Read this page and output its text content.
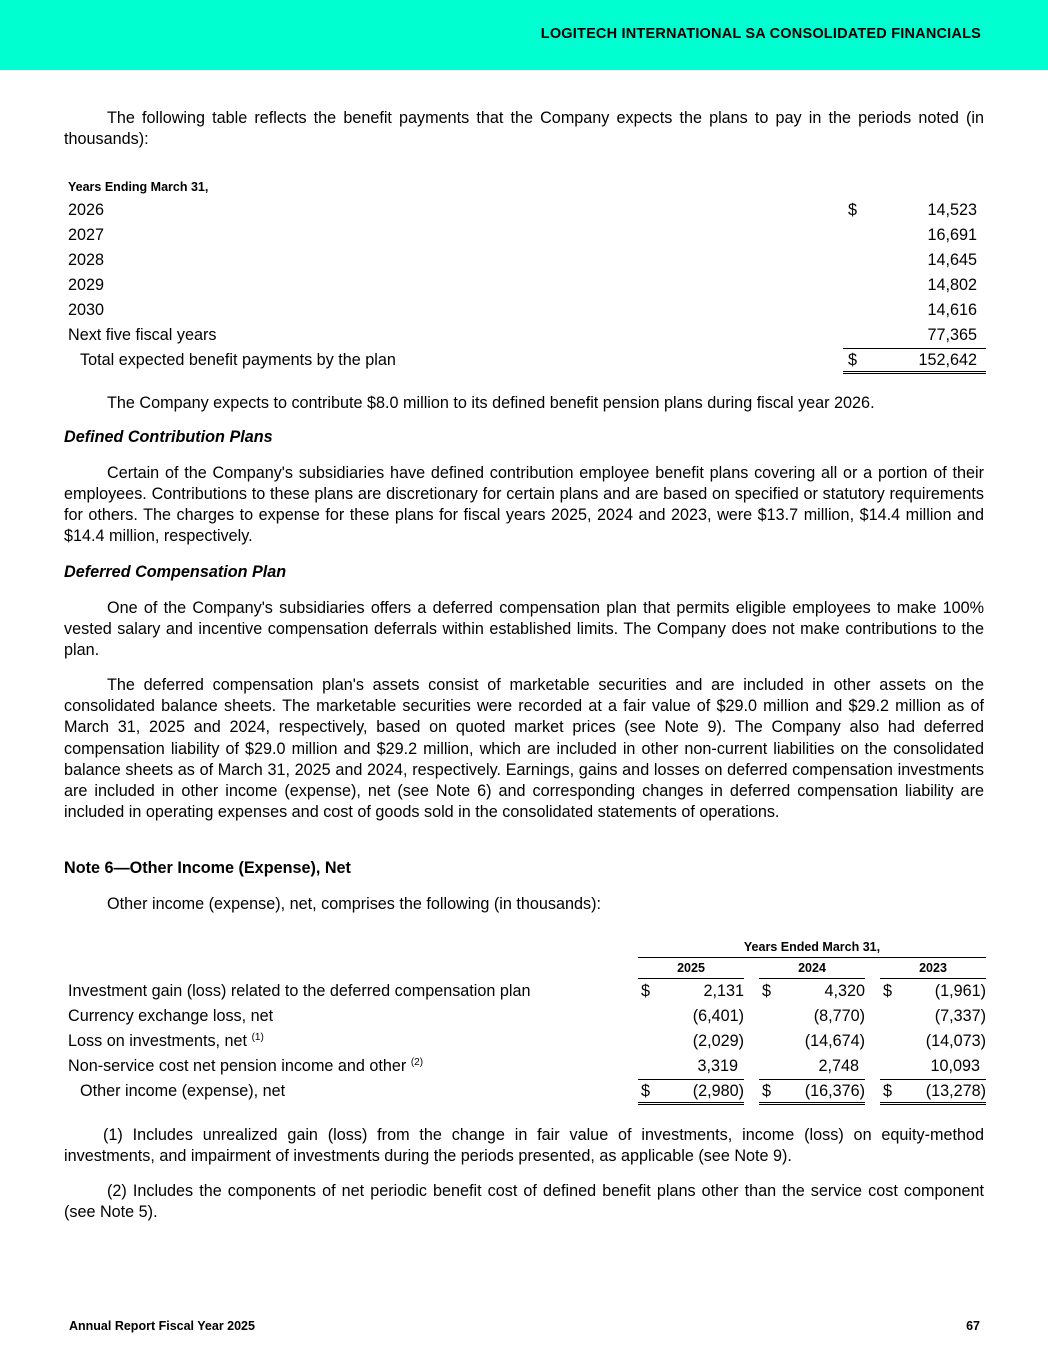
LOGITECH INTERNATIONAL SA CONSOLIDATED FINANCIALS

The following table reflects the benefit payments that the Company expects the plans to pay in the periods noted (in thousands):

Years Ending March 31,
2026	$	14,523
2027	16,691
2028	14,645
2029	14,802
2030	14,616
Next five fiscal years	77,365
Total expected benefit payments by the plan	$	152,642

The Company expects to contribute $8.0 million to its defined benefit pension plans during fiscal year 2026.

Defined Contribution Plans

Certain of the Company's subsidiaries have defined contribution employee benefit plans covering all or a portion of their employees. Contributions to these plans are discretionary for certain plans and are based on specified or statutory requirements for others. The charges to expense for these plans for fiscal years 2025, 2024 and 2023, were $13.7 million, $14.4 million and $14.4 million, respectively.

Deferred Compensation Plan

One of the Company's subsidiaries offers a deferred compensation plan that permits eligible employees to make 100% vested salary and incentive compensation deferrals within established limits. The Company does not make contributions to the plan.

The deferred compensation plan's assets consist of marketable securities and are included in other assets on the consolidated balance sheets. The marketable securities were recorded at a fair value of $29.0 million and $29.2 million as of March 31, 2025 and 2024, respectively, based on quoted market prices (see Note 9). The Company also had deferred compensation liability of $29.0 million and $29.2 million, which are included in other non-current liabilities on the consolidated balance sheets as of March 31, 2025 and 2024, respectively. Earnings, gains and losses on deferred compensation investments are included in other income (expense), net (see Note 6) and corresponding changes in deferred compensation liability are included in operating expenses and cost of goods sold in the consolidated statements of operations.

Note 6—Other Income (Expense), Net

Other income (expense), net, comprises the following (in thousands):

Years Ended March 31,
2025	2024	2023
Investment gain (loss) related to the deferred compensation plan	$	2,131 $	4,320 $	(1,961)
Currency exchange loss, net	(6,401)	(8,770)	(7,337)
Loss on investments, net $^{(1)}$	(2,029)	(14,674)	(14,073)
Non-service cost net pension income and other $^{(2)}$	3,319	2,748	10,093
Other income (expense), net	$	(2,980) $ (16,376) $ (13,278)

(1) Includes unrealized gain (loss) from the change in fair value of investments, income (loss) on equity-method investments, and impairment of investments during the periods presented, as applicable (see Note 9).

(2) Includes the components of net periodic benefit cost of defined benefit plans other than the service cost component (see Note 5).

Annual Report Fiscal Year 2025	67
